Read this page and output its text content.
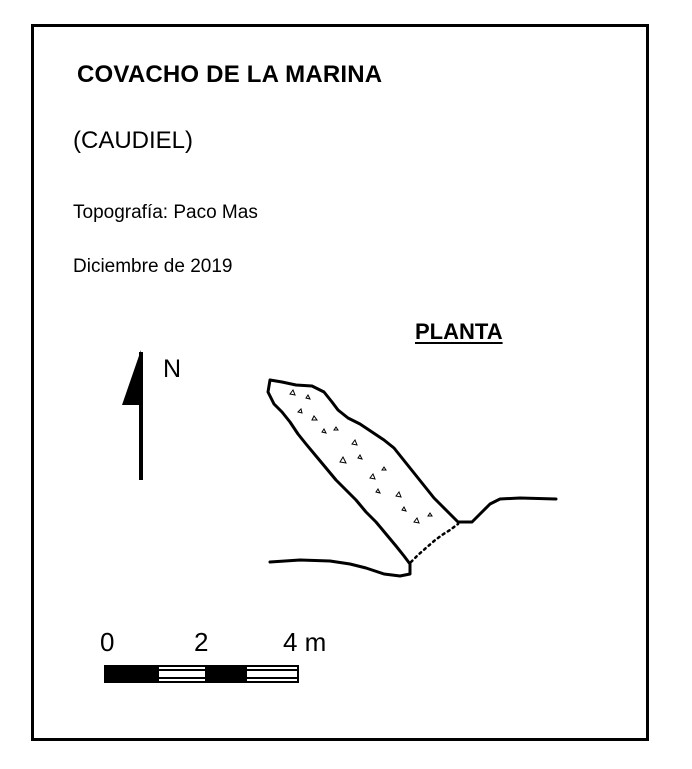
COVACHO DE LA MARINA
(CAUDIEL)
Topografía: Paco Mas
Diciembre de 2019
PLANTA
N
0	2	4 m
